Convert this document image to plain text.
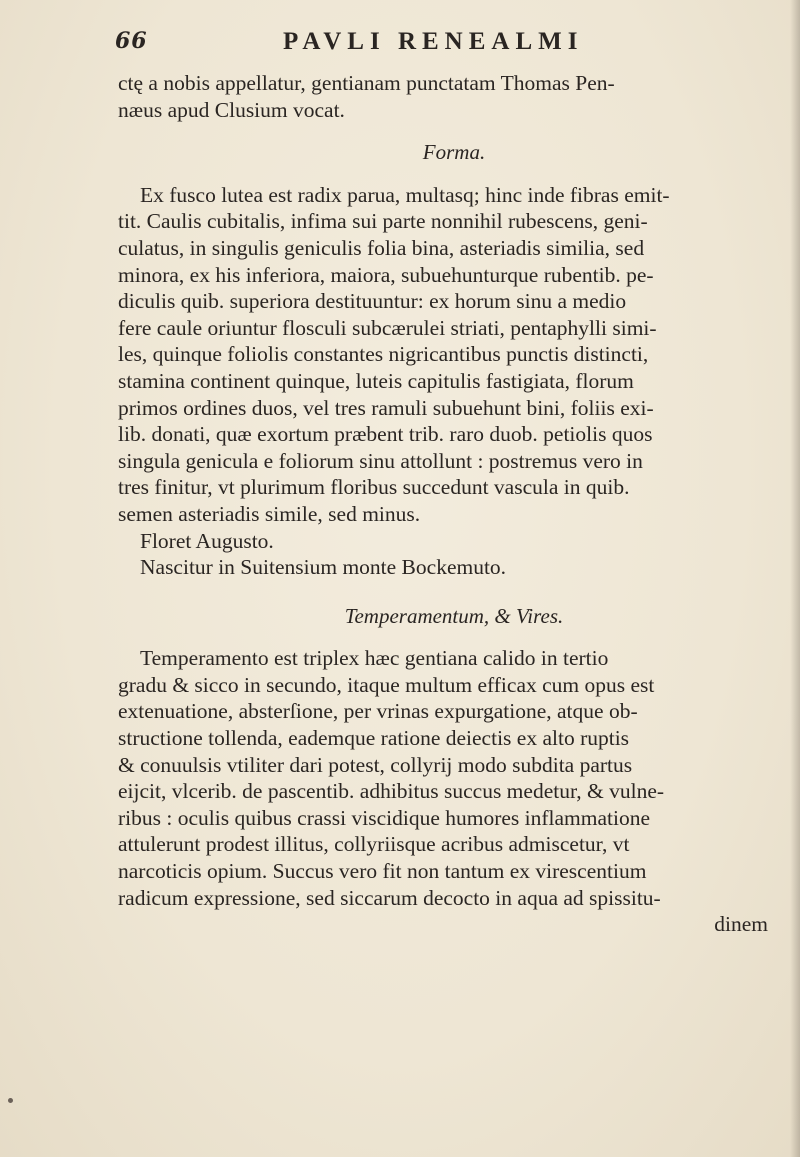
66	PAVLI RENEALMI
ctę a nobis appellatur, gentianam punctatam Thomas Pen-
næus apud Clusium vocat.
Forma.
Ex fusco lutea est radix parua, multasq; hinc inde fibras emit-
tit. Caulis cubitalis, infima sui parte nonnihil rubescens, geni-
culatus, in singulis geniculis folia bina, asteriadis similia, sed
minora, ex his inferiora, maiora, subuehunturque rubentib. pe-
diculis quib. superiora destituuntur: ex horum sinu a medio
fere caule oriuntur flosculi subcærulei striati, pentaphylli simi-
les, quinque foliolis constantes nigricantibus punctis distincti,
stamina continent quinque, luteis capitulis fastigiata, florum
primos ordines duos, vel tres ramuli subuehunt bini, foliis exi-
lib. donati, quæ exortum præbent trib. raro duob. petiolis quos
singula genicula e foliorum sinu attollunt : postremus vero in
tres finitur, vt plurimum floribus succedunt vascula in quib.
semen asteriadis simile, sed minus.
Floret Augusto.
Nascitur in Suitensium monte Bockemuto.
Temperamentum, & Vires.
Temperamento est triplex hæc gentiana calido in tertio
gradu & sicco in secundo, itaque multum efficax cum opus est
extenuatione, absterſione, per vrinas expurgatione, atque ob-
structione tollenda, eademque ratione deiectis ex alto ruptis
& conuulsis vtiliter dari potest, collyrij modo subdita partus
eijcit, vlcerib. de pascentib. adhibitus succus medetur, & vulne-
ribus : oculis quibus crassi viscidique humores inflammatione
attulerunt prodest illitus, collyriisque acribus admiscetur, vt
narcoticis opium. Succus vero fit non tantum ex virescentium
radicum expressione, sed siccarum decocto in aqua ad spissitu-
dinem
